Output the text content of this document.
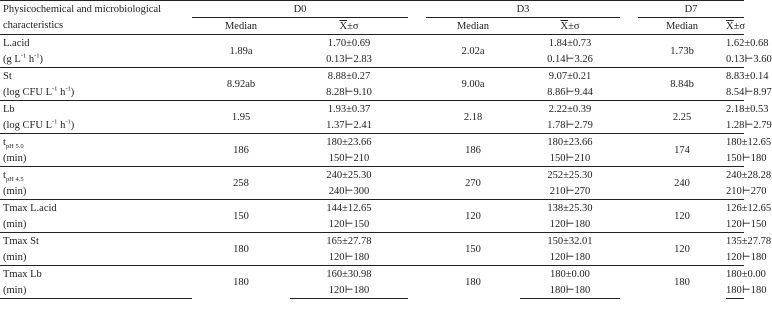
Physicochemical and microbiological	D0			D3			D7		
characteristics	Median	$\overline{X}\pm\sigma$		Median	$\overline{X}\pm\sigma$		Median	$\overline{X}\pm\sigma$	
L.acid	1.89a	1.70±0.69		2.02a	1.84±0.73		1.73b	1.62±0.68	
(g $L^{-1}$ $h^{-1}$)		0.13⊢2.83			0.14⊢3.26			0.13⊢3.60	
St	8.92ab	8.88±0.27		9.00a	9.07±0.21		8.84b	8.83±0.14	
(log CFU $L^{-1}$ $h^{-1}$)		8.28⊢9.10			8.86⊢9.44			8.54⊢8.97	
Lb	1.95	1.93±0.37		2.18	2.22±0.39		2.25	2.18±0.53	
(log CFU $L^{-1}$ $h^{-1}$)		1.37⊢2.41			1.78⊢2.79			1.28⊢2.79	
$t_{pH 5.0}$	186	180±23.66		186	180±23.66		174	180±12.65	
(min)		150⊢210			150⊢210			150⊢180	
$t_{pH 4.5}$	258	240±25.30		270	252±25.30		240	240±28.28	
(min)		240⊢300			210⊢270			210⊢270	
Tmax L.acid	150	144±12.65		120	138±25.30		120	126±12.65	
(min)		120⊢150			120⊢180			120⊢150	
Tmax St	180	165±27.78		150	150±32.01		120	135±27.78	
(min)		120⊢180			120⊢180			120⊢180	
Tmax Lb	180	160±30.98		180	180±0.00		180	180±0.00	
(min)		120⊢180			180⊢180			180⊢180	
